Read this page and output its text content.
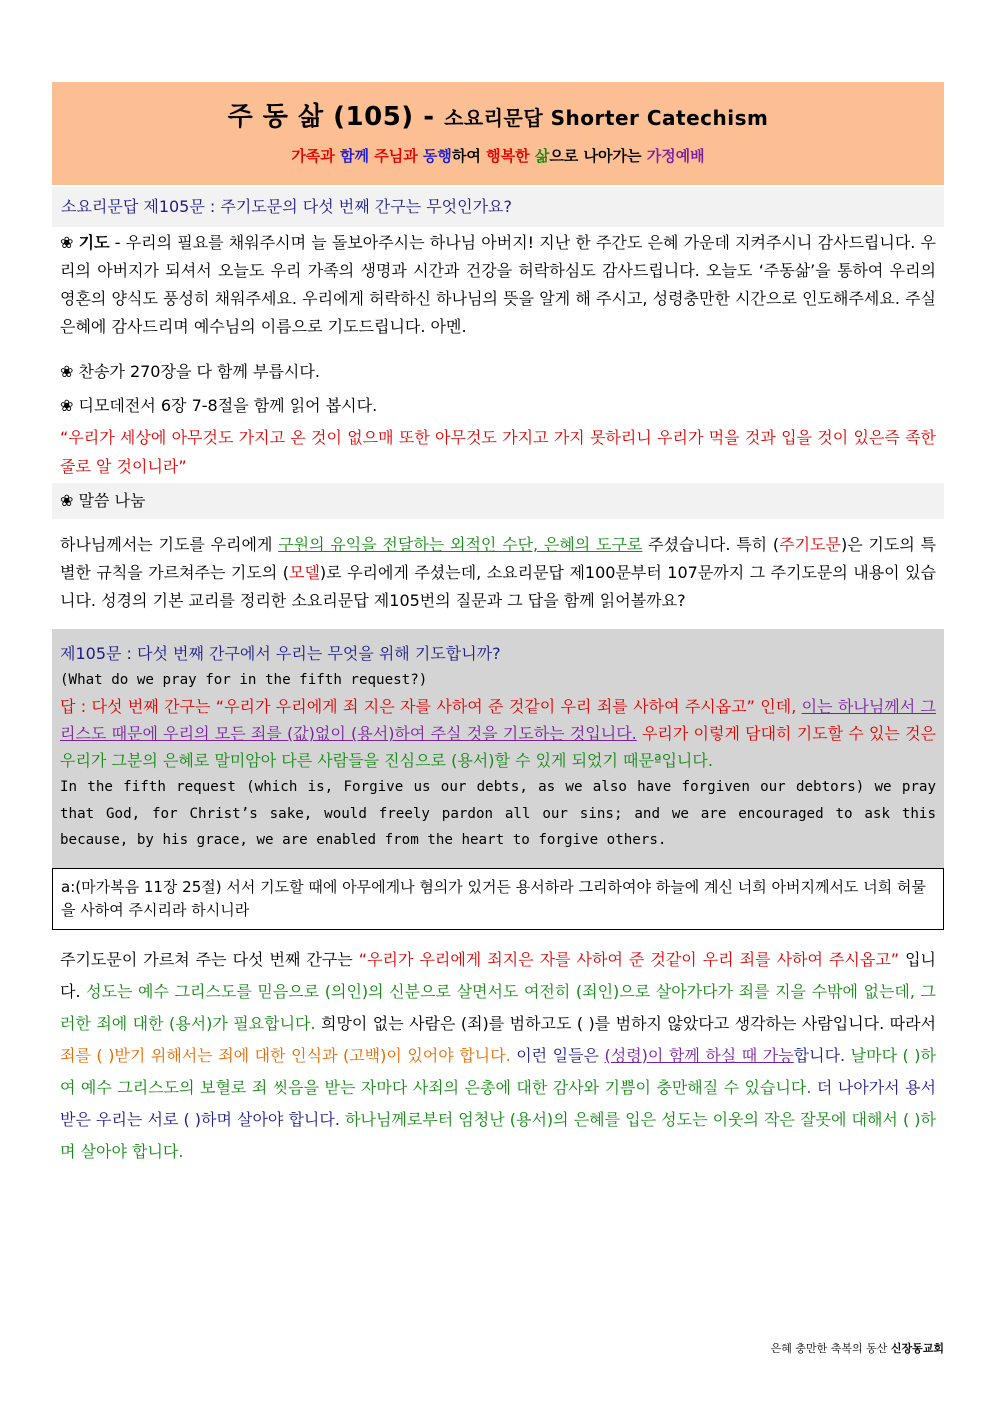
주 동 삶 (105) - 소요리문답 Shorter Catechism
가족과 함께 주님과 동행하여 행복한 삶으로 나아가는 가정예배
소요리문답 제105문 : 주기도문의 다섯 번째 간구는 무엇인가요?
❀ 기도 - 우리의 필요를 채워주시며 늘 돌보아주시는 하나님 아버지! 지난 한 주간도 은혜 가운데 지켜주시니 감사드립니다. 우리의 아버지가 되셔서 오늘도 우리 가족의 생명과 시간과 건강을 허락하심도 감사드립니다. 오늘도 ‘주동삶’을 통하여 우리의 영혼의 양식도 풍성히 채워주세요. 우리에게 허락하신 하나님의 뜻을 알게 해 주시고, 성령충만한 시간으로 인도해주세요. 주실 은혜에 감사드리며 예수님의 이름으로 기도드립니다. 아멘.
❀ 찬송가 270장을 다 함께 부릅시다.
❀ 디모데전서 6장 7-8절을 함께 읽어 봅시다.
“우리가 세상에 아무것도 가지고 온 것이 없으매 또한 아무것도 가지고 가지 못하리니 우리가 먹을 것과 입을 것이 있은즉 족한 줄로 알 것이니라”
❀ 말씀 나눔
하나님께서는 기도를 우리에게 구원의 유익을 전달하는 외적인 수단, 은혜의 도구로 주셨습니다. 특히 (주기도문)은 기도의 특별한 규칙을 가르쳐주는 기도의 (모델)로 우리에게 주셨는데, 소요리문답 제100문부터 107문까지 그 주기도문의 내용이 있습니다. 성경의 기본 교리를 정리한 소요리문답 제105번의 질문과 그 답을 함께 읽어볼까요?
제105문 : 다섯 번째 간구에서 우리는 무엇을 위해 기도합니까?
(What do we pray for in the fifth request?)
답 : 다섯 번째 간구는 “우리가 우리에게 죄 지은 자를 사하여 준 것같이 우리 죄를 사하여 주시옵고” 인데, 이는 하나님께서 그리스도 때문에 우리의 모든 죄를 (값)없이 (용서)하여 주실 것을 기도하는 것입니다. 우리가 이렇게 담대히 기도할 수 있는 것은 우리가 그분의 은혜로 말미암아 다른 사람들을 진심으로 (용서)할 수 있게 되었기 때문ª입니다.
In the fifth request (which is, Forgive us our debts, as we also have forgiven our debtors) we pray that God, for Christ’s sake, would freely pardon all our sins; and we are encouraged to ask this because, by his grace, we are enabled from the heart to forgive others.
a:(마가복음 11장 25절) 서서 기도할 때에 아무에게나 혐의가 있거든 용서하라 그리하여야 하늘에 계신 너희 아버지께서도 너희 허물을 사하여 주시리라 하시니라
주기도문이 가르쳐 주는 다섯 번째 간구는 “우리가 우리에게 죄지은 자를 사하여 준 것같이 우리 죄를 사하여 주시옵고” 입니다. 성도는 예수 그리스도를 믿음으로 (의인)의 신분으로 살면서도 여전히 (죄인)으로 살아가다가 죄를 지을 수밖에 없는데, 그러한 죄에 대한 (용서)가 필요합니다. 희망이 없는 사람은 (죄)를 범하고도 ( )를 범하지 않았다고 생각하는 사람입니다. 따라서 죄를 ( )받기 위해서는 죄에 대한 인식과 (고백)이 있어야 합니다. 이런 일들은 (성령)이 함께 하실 때 가능합니다. 날마다 ( )하여 예수 그리스도의 보혈로 죄 씻음을 받는 자마다 사죄의 은총에 대한 감사와 기쁨이 충만해질 수 있습니다. 더 나아가서 용서받은 우리는 서로 ( )하며 살아야 합니다. 하나님께로부터 엄청난 (용서)의 은혜를 입은 성도는 이웃의 작은 잘못에 대해서 ( )하며 살아야 합니다.
은혜 충만한 축복의 동산 신장동교회
